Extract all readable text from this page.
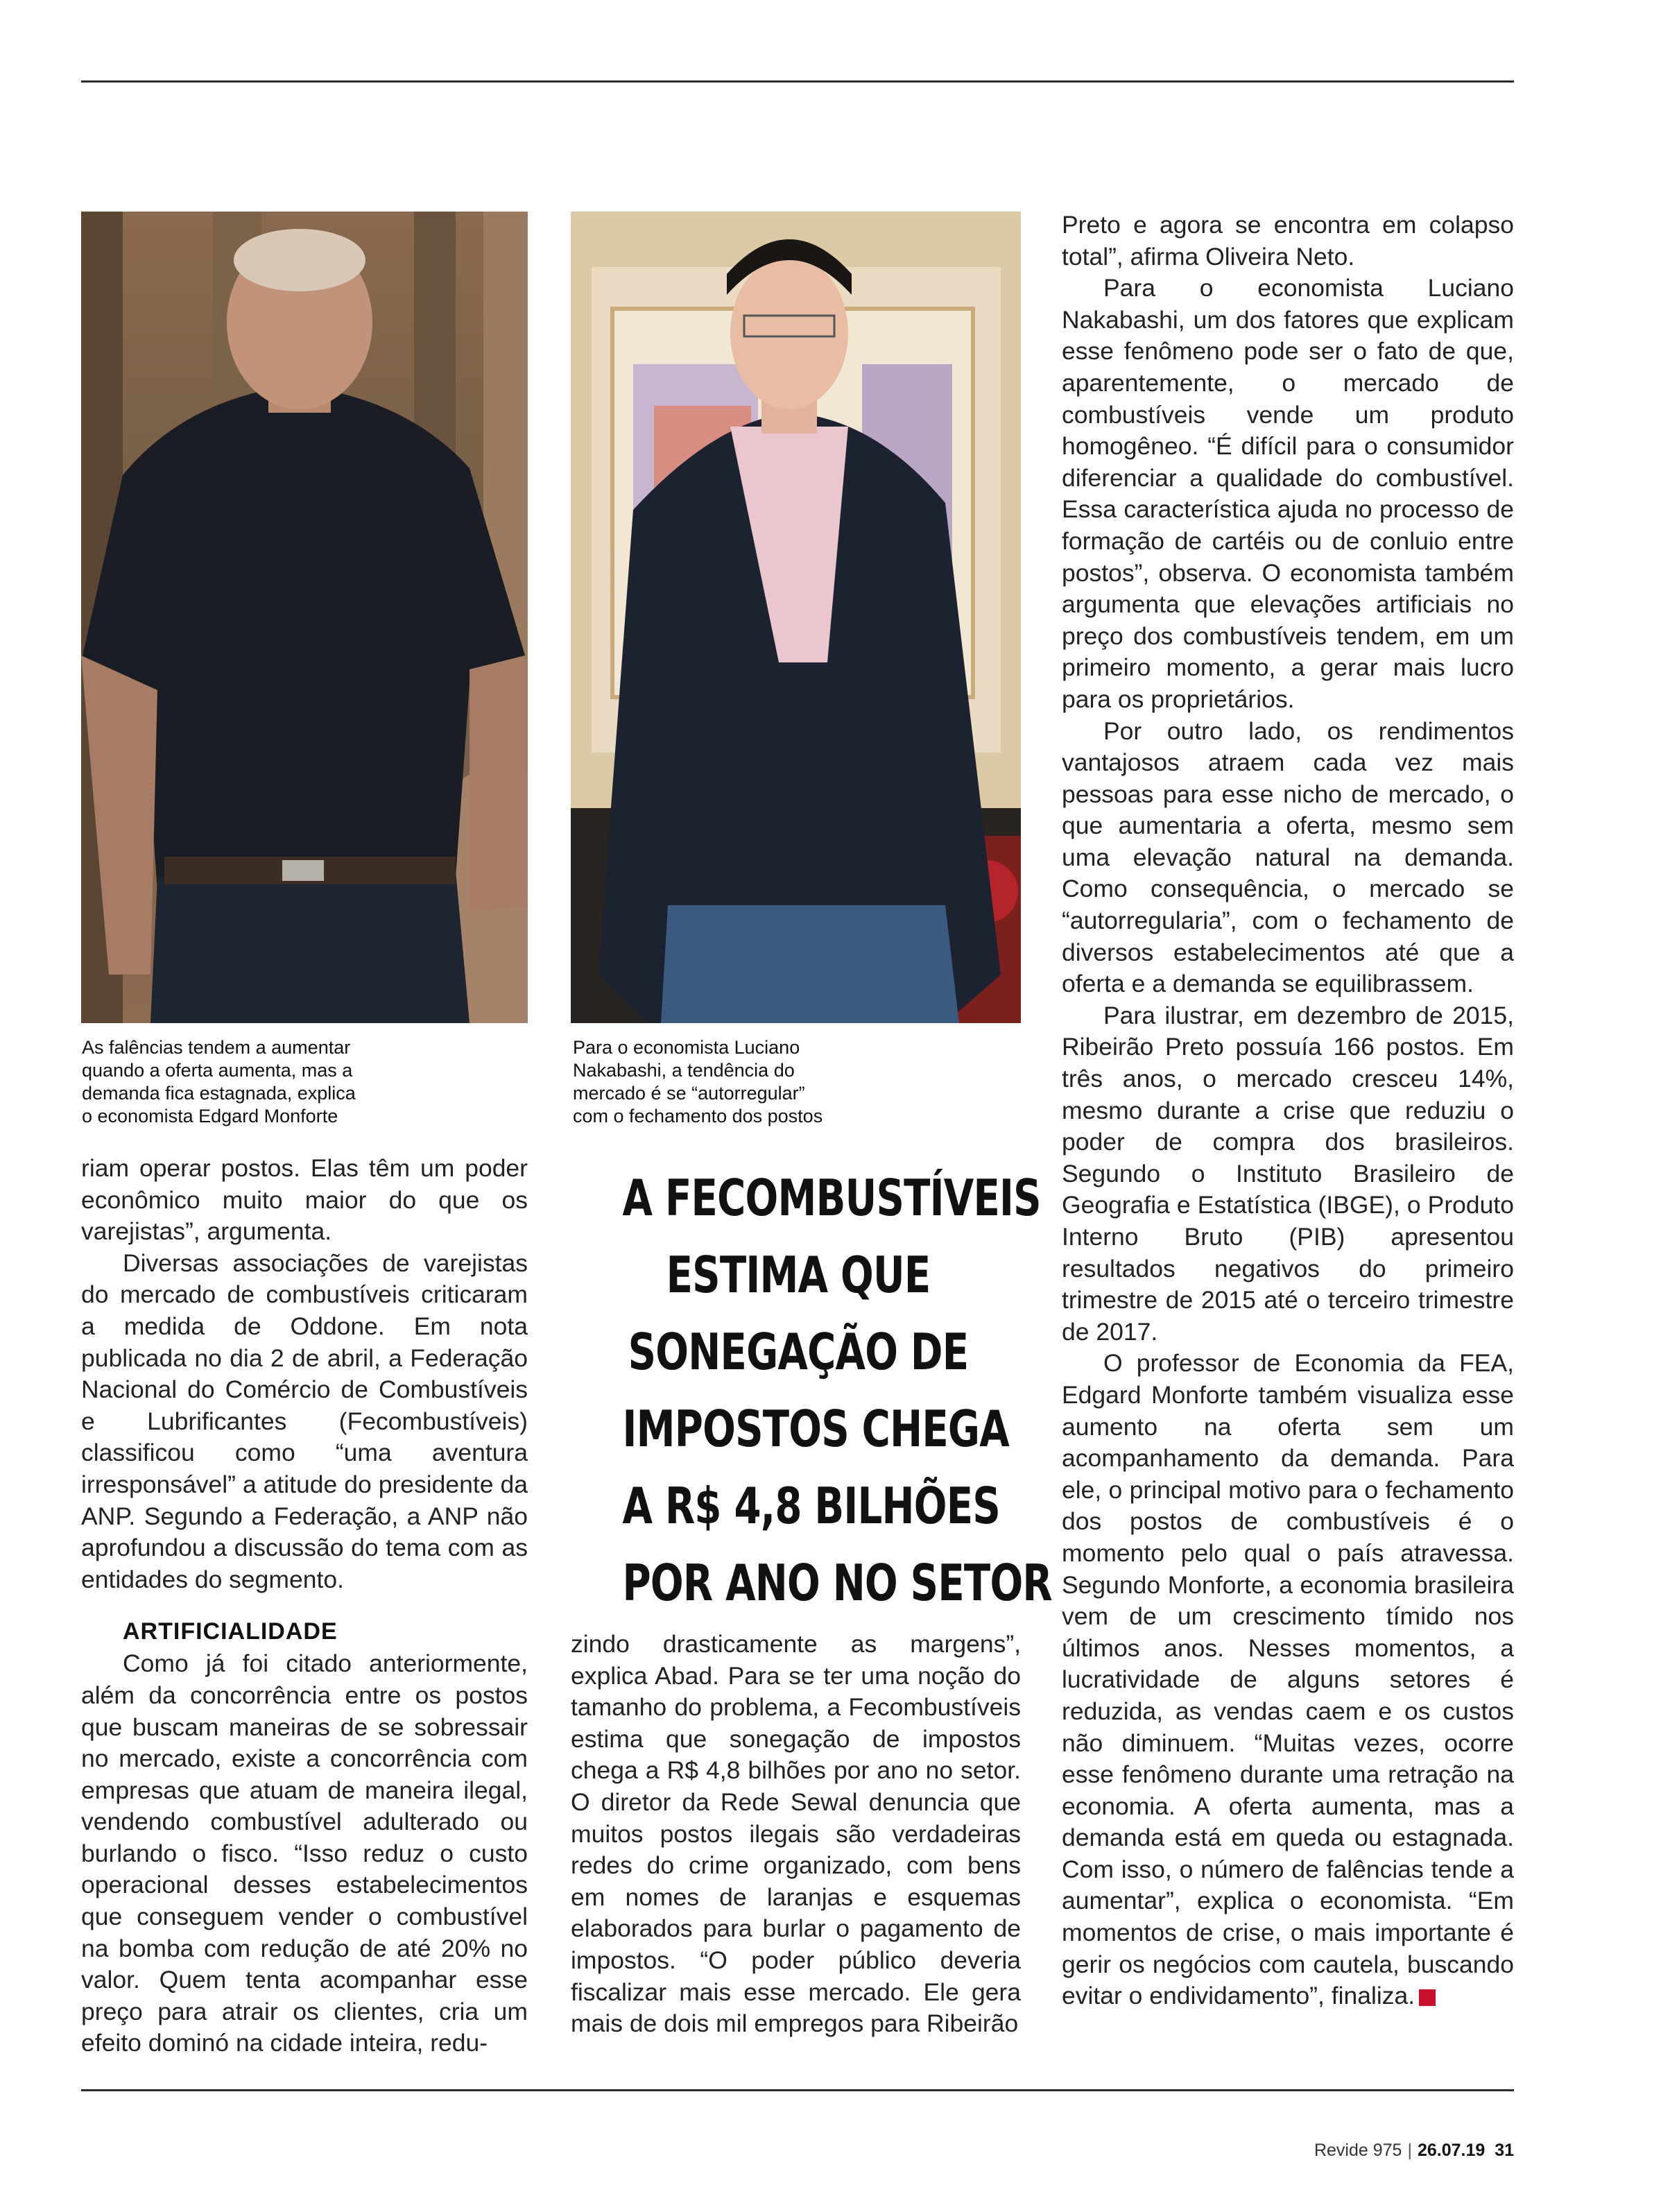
As falências tendem a aumentar
quando a oferta aumenta, mas a
demanda fica estagnada, explica
o economista Edgard Monforte
Para o economista Luciano
Nakabashi, a tendência do
mercado é se “autorregular”
com o fechamento dos postos

riam operar postos. Elas têm um poder econômico muito maior do que os varejistas”, argumenta.

Diversas associações de varejistas do mercado de combustíveis criticaram a medida de Oddone. Em nota publicada no dia 2 de abril, a Federação Nacional do Comércio de Combustíveis e Lubrificantes (Fecombustíveis) classificou como “uma aventura irresponsável” a atitude do presidente da ANP. Segundo a Federação, a ANP não aprofundou a discussão do tema com as entidades do segmento.

ARTIFICIALIDADE

Como já foi citado anteriormente, além da concorrência entre os postos que buscam maneiras de se sobressair no mercado, existe a concorrência com empresas que atuam de maneira ilegal, vendendo combustível adulterado ou burlando o fisco. “Isso reduz o custo operacional desses estabelecimentos que conseguem vender o combustível na bomba com redução de até 20% no valor. Quem tenta acompanhar esse preço para atrair os clientes, cria um efeito dominó na cidade inteira, redu-

A FECOMBUSTÍVEIS
ESTIMA QUE
SONEGAÇÃO DE
IMPOSTOS CHEGA
A R$ 4,8 BILHÕES
POR ANO NO SETOR

zindo drasticamente as margens”, explica Abad. Para se ter uma noção do tamanho do problema, a Fecombustíveis estima que sonegação de impostos chega a R$ 4,8 bilhões por ano no setor. O diretor da Rede Sewal denuncia que muitos postos ilegais são verdadeiras redes do crime organizado, com bens em nomes de laranjas e esquemas elaborados para burlar o pagamento de impostos. “O poder público deveria fiscalizar mais esse mercado. Ele gera mais de dois mil empregos para Ribeirão

Preto e agora se encontra em colapso total”, afirma Oliveira Neto.

Para o economista Luciano Nakabashi, um dos fatores que explicam esse fenômeno pode ser o fato de que, aparentemente, o mercado de combustíveis vende um produto homogêneo. “É difícil para o consumidor diferenciar a qualidade do combustível. Essa característica ajuda no processo de formação de cartéis ou de conluio entre postos”, observa. O economista também argumenta que elevações artificiais no preço dos combustíveis tendem, em um primeiro momento, a gerar mais lucro para os proprietários.

Por outro lado, os rendimentos vantajosos atraem cada vez mais pessoas para esse nicho de mercado, o que aumentaria a oferta, mesmo sem uma elevação natural na demanda. Como consequência, o mercado se “autorregularia”, com o fechamento de diversos estabelecimentos até que a oferta e a demanda se equilibrassem.

Para ilustrar, em dezembro de 2015, Ribeirão Preto possuía 166 postos. Em três anos, o mercado cresceu 14%, mesmo durante a crise que reduziu o poder de compra dos brasileiros. Segundo o Instituto Brasileiro de Geografia e Estatística (IBGE), o Produto Interno Bruto (PIB) apresentou resultados negativos do primeiro trimestre de 2015 até o terceiro trimestre de 2017.

O professor de Economia da FEA, Edgard Monforte também visualiza esse aumento na oferta sem um acompanhamento da demanda. Para ele, o principal motivo para o fechamento dos postos de combustíveis é o momento pelo qual o país atravessa. Segundo Monforte, a economia brasileira vem de um crescimento tímido nos últimos anos. Nesses momentos, a lucratividade de alguns setores é reduzida, as vendas caem e os custos não diminuem. “Muitas vezes, ocorre esse fenômeno durante uma retração na economia. A oferta aumenta, mas a demanda está em queda ou estagnada. Com isso, o número de falências tende a aumentar”, explica o economista. “Em momentos de crise, o mais importante é gerir os negócios com cautela, buscando evitar o endividamento”, finaliza.	R

Revide 975 | 26.07.19 31
